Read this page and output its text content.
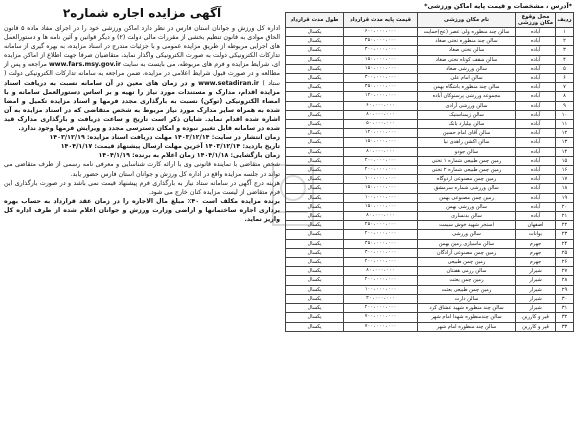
آگهی مزایده اجاره شماره۲

اداره کل ورزش و جوانان استان فارس در نظر دارد اماکن ورزشی خود را در اجرای مفاد ماده ۵ قانون الحاق موادی به قانون تنظیم بخشی از مقررات مالی دولت (۲) و دیگر قوانین و آئین نامه ها و دستورالعمل های اجرایی مربوطه از طریق مزایده عمومی و با جزئیات مندرج در اسناد مزایده، به بهره گیری از سامانه تدارکات الکترونیکی دولت به صورت الکترونیکی واگذار نماید، متقاضیان صرفا جهت اطلاع از اماکن مزایده ای، شرایط مزایده و فرم های مربوطه، می بایست به سایت www.fars.msy.gov.ir مراجعه و پس از مطالعه و در صورت قبول شرایط اعلامی در مزایده، ضمن مراجعه به سامانه تدارکات الکترونیکی دولت ( ستاد ) www.setadiran.ir و در زمان های معین در آن سامانه نسبت به دریافت اسناد مزایده اقدام، مدارک و مستندات مورد نیاز را تهیه و بر اساس دستورالعمل سامانه و با امضاء الکترونیکی (توکن) نسبت به بارگذاری مجدد فرمها و اسناد مزایده تکمیل و امضا شده به همراه سایر مدارک مورد نیاز مربوط به شخص متقاضی که در اسناد مزایده به آن اشاره شده اقدام نماید. شایان ذکر است تاریخ و ساعت دریافت و بارگذاری مدارک قید شده در سامانه قابل تغییر نبوده و امکان دسترسی مجدد و ویرایش فرمها وجود ندارد.

زمان انتشار در سایت: ۱۴۰۳/۱۲/۱۴ مهلت دریافت اسناد مزایده: ۱۴۰۳/۱۲/۱۹

تاریخ بازدید: ۱۴۰۳/۱۲/۱۴ آخرین مهلت ارسال پیشنهاد قیمت: ۱۴۰۴/۱/۱۷

زمان بازگشایی: ۱۴۰۴/۱/۱۸ زمان اعلام به برنده: ۱۴۰۴/۱/۱۹

شخص متقاضی با نماینده قانونی وی با ارائه کارت شناسایی و معرفی نامه رسمی از طرف متقاضی می تواند در جلسه مزایده واقع در اداره کل ورزش و جوانان استان فارس حضور یابد.

هزینه درج آگهی در سامانه ستاد نیاز به بارگذاری فرم پیشنهاد قیمت نمی باشد و در صورت بارگذاری این فرم متقاضی از لیست مزایده کنان خارج می شود.

برنده مزایده مکلف است ۴۰٪ مبلغ مال الاجاره را در زمان عقد قرارداد به حساب بهره برداری اجاره ساختمانها و اراضی وزارت ورزش و جوانان اعلام شده از طرف اداره کل واریز نماید.

*آدرس ، مشخصات و قیمت پایه اماکن ورزشی*
ردیف	محل وقوع مکان ورزشی	نام مکان ورزشی	قیمت پایه مدت قرارداد	طول مدت قرارداد
۱	آباده	سالن چند منظوره ولی عصر (عج)حمایت	۶۰۰،۰۰۰،۰۰۰	یکسال
۲	آباده	سالن چند منظوره تختی صغاد	۳۵۰،۰۰۰،۰۰۰	یکسال
۳	آباده	سالن تختی صغاد	۳۰۰،۰۰۰،۰۰۰	یکسال
۴	آباده	سالن سقف کوتاه تختی صغاد	۱۵۰،۰۰۰،۰۰۰	یکسال
۵	آباده	سالن ورزشی صغاد	۱۵۰،۰۰۰،۰۰۰	یکسال
۶	آباده	سالن امام علی	۳۰۰،۰۰۰،۰۰۰	یکسال
۷	آباده	سالن چند منظوره باشگاه بهمن	۳۵۰،۰۰۰،۰۰۰	یکسال
۸	آباده	مجموعه ورزشی پرستوکان آباده	۱۲۰،۰۰۰،۰۰۰	یکسال
۹	آباده	سالن ورزشی آزادی	۶۰،۰۰۰،۰۰۰	یکسال
۱۰	آباده	سالن ژیمناستیک	۸۰،۰۰۰،۰۰۰	یکسال
۱۱	آباده	سالن بیلیارد بانک	۵۰،۰۰۰،۰۰۰	یکسال
۱۲	آباده	سالن آقای امام حسین	۱۲۰،۰۰۰،۰۰۰	یکسال
۱۳	آباده	سالن اکشن زاهدی نیا	۱۵۰،۰۰۰،۰۰۰	یکسال
۱۴	آباده	سالن جودو	۸۰،۰۰۰،۰۰۰	یکسال
۱۵	آباده	زمین چمن طبیعی شماره ۱ تختی	۲۰۰،۰۰۰،۰۰۰	یکسال
۱۶	آباده	زمین چمن طبیعی شماره ۲ تختی	۲۰۰،۰۰۰،۰۰۰	یکسال
۱۷	آباده	زمین چمن مصنوعی اردوگاه	۱۰۰،۰۰۰،۰۰۰	یکسال
۱۸	آباده	سالن ورزشی شماره سرمشق	۱۵۰،۰۰۰،۰۰۰	یکسال
۱۹	آباده	زمین چمن مصنوعی بهمن	۱۰۰،۰۰۰،۰۰۰	یکسال
۲۰	آباده	سالن ورزشی بهمن	۱۵۰،۰۰۰،۰۰۰	یکسال
۲۱	آباده	سالن بدنسازی	۸۰،۰۰۰،۰۰۰	یکسال
۲۲	اصفهان	استخر شهید خوش سیمت	۲۵۰،۰۰۰،۰۰۰	یکسال
۲۳	بوانات	سالن ورزشی	۲۰۰،۰۰۰،۰۰۰	یکسال
۲۴	جهرم	سالن ماسیاژی زمین بهمن	۳۵۰،۰۰۰،۰۰۰	یکسال
۲۵	جهرم	زمین چمن مصنوعی آزادگان	۳۰۰،۰۰۰،۰۰۰	یکسال
۲۶	جهرم	زمین چمن طبیعی	۲۰۰،۰۰۰،۰۰۰	یکسال
۲۷	شیراز	سالن رزمی هفتتان	۸۰،۰۰۰،۰۰۰	یکسال
۲۸	شیراز	زمین چمن بعثت	۲۰۰،۰۰۰،۰۰۰	یکسال
۲۹	شیراز	زمین چمن طبیعی بعثت	۱۰۰،۰۰۰،۰۰۰	یکسال
۳۰	شیراز	سالن دارت	۳۰،۰۰۰،۰۰۰	یکسال
۳۱	شیراز	سالن چند منظوره شهید عشاق کرد	۲۰۰،۰۰۰،۰۰۰	یکسال
۳۲	قیر و کارزین	سالن چندمنظوره شهدا امام شهر	۷۰۰،۰۰۰،۰۰۰	یکسال
۳۳	قیر و کارزین	سالن چند منظوره امام شهر	۷۰۰،۰۰۰،۰۰۰	یکسال
